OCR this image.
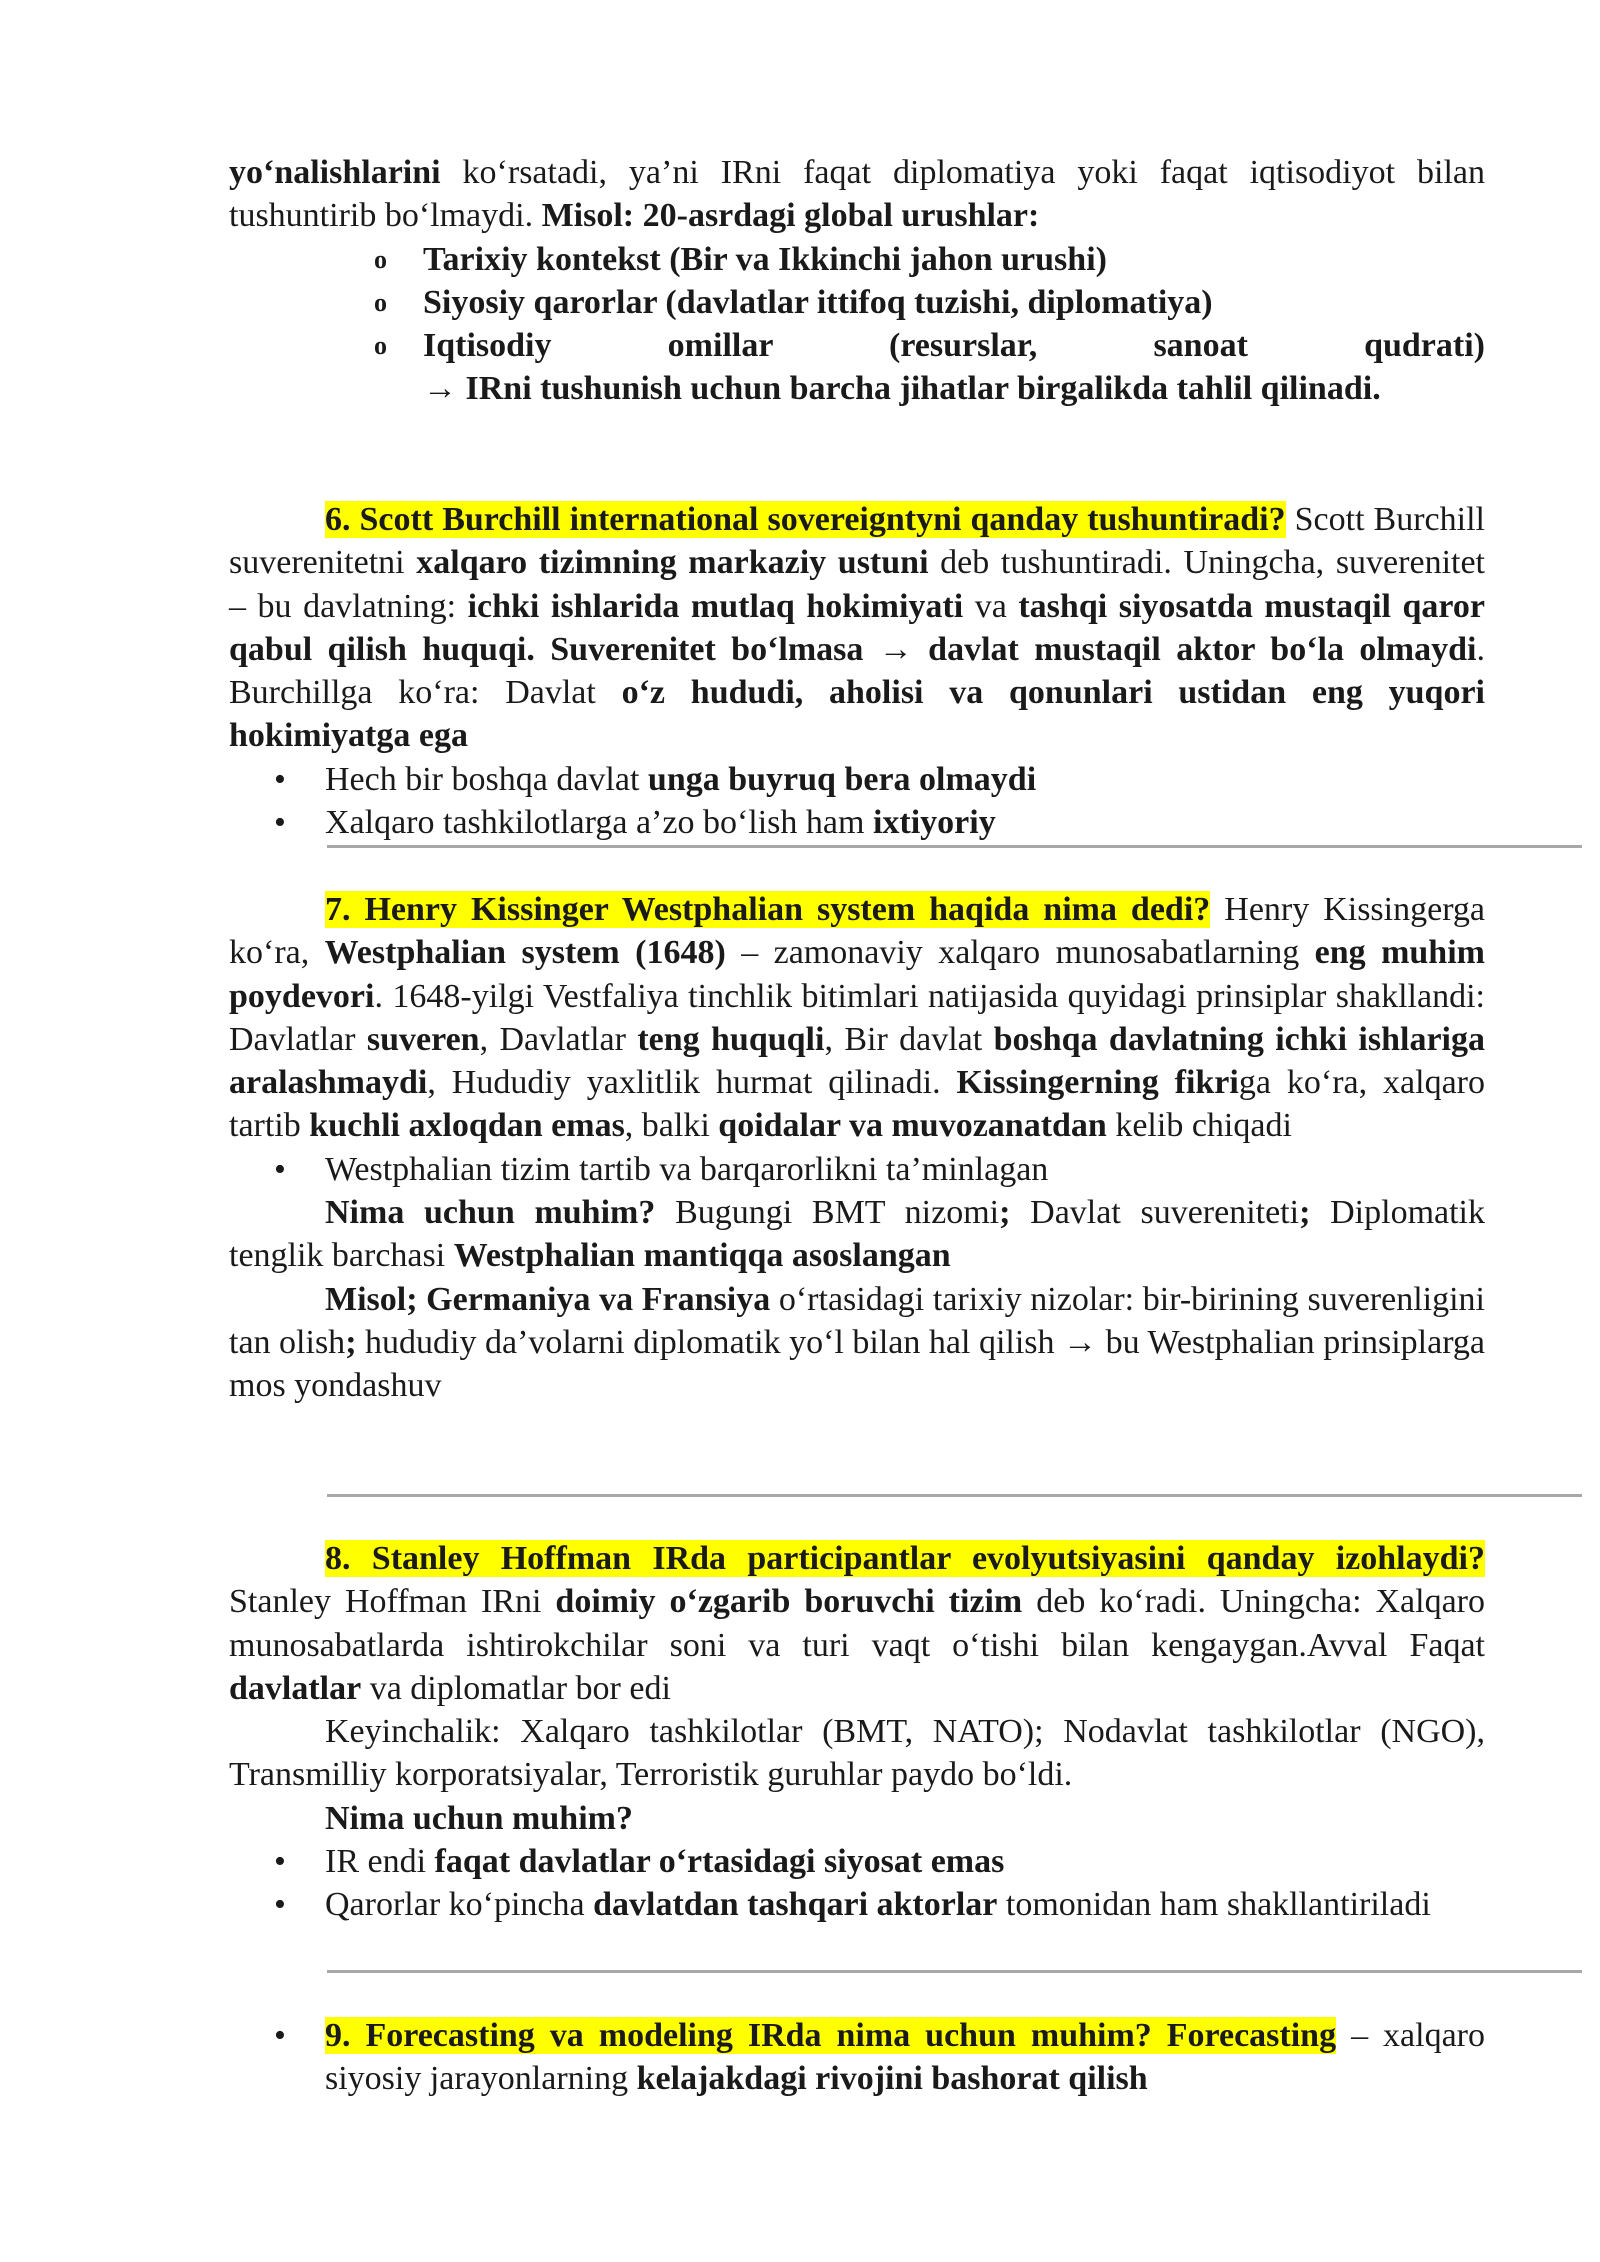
yo‘nalishlarini ko‘rsatadi, ya’ni IRni faqat diplomatiya yoki faqat iqtisodiyot bilan tushuntirib bo‘lmaydi. Misol: 20-asrdagi global urushlar:

o Tarixiy kontekst (Bir va Ikkinchi jahon urushi)
o Siyosiy qarorlar (davlatlar ittifoq tuzishi, diplomatiya)
o Iqtisodiy omillar (resurslar, sanoat qudrati)
→ IRni tushunish uchun barcha jihatlar birgalikda tahlil qilinadi.

6. Scott Burchill international sovereigntyni qanday tushuntiradi? Scott Burchill suverenitetni xalqaro tizimning markaziy ustuni deb tushuntiradi. Uningcha, suverenitet – bu davlatning: ichki ishlarida mutlaq hokimiyati va tashqi siyosatda mustaqil qaror qabul qilish huquqi. Suverenitet bo‘lmasa → davlat mustaqil aktor bo‘la olmaydi. Burchillga ko‘ra: Davlat o‘z hududi, aholisi va qonunlari ustidan eng yuqori hokimiyatga ega

• Hech bir boshqa davlat unga buyruq bera olmaydi
• Xalqaro tashkilotlarga a’zo bo‘lish ham ixtiyoriy

7. Henry Kissinger Westphalian system haqida nima dedi? Henry Kissingerga ko‘ra, Westphalian system (1648) – zamonaviy xalqaro munosabatlarning eng muhim poydevori. 1648-yilgi Vestfaliya tinchlik bitimlari natijasida quyidagi prinsiplar shakllandi: Davlatlar suveren, Davlatlar teng huquqli, Bir davlat boshqa davlatning ichki ishlariga aralashmaydi, Hududiy yaxlitlik hurmat qilinadi. Kissingerning fikriga ko‘ra, xalqaro tartib kuchli axloqdan emas, balki qoidalar va muvozanatdan kelib chiqadi

• Westphalian tizim tartib va barqarorlikni ta’minlagan

Nima uchun muhim? Bugungi BMT nizomi; Davlat suvereniteti; Diplomatik tenglik barchasi Westphalian mantiqqa asoslangan

Misol; Germaniya va Fransiya o‘rtasidagi tarixiy nizolar: bir-birining suverenligini tan olish; hududiy da’volarni diplomatik yo‘l bilan hal qilish → bu Westphalian prinsiplarga mos yondashuv

8. Stanley Hoffman IRda participantlar evolyutsiyasini qanday izohlaydi? Stanley Hoffman IRni doimiy o‘zgarib boruvchi tizim deb ko‘radi. Uningcha: Xalqaro munosabatlarda ishtirokchilar soni va turi vaqt o‘tishi bilan kengaygan.Avval Faqat davlatlar va diplomatlar bor edi

Keyinchalik: Xalqaro tashkilotlar (BMT, NATO); Nodavlat tashkilotlar (NGO), Transmilliy korporatsiyalar, Terroristik guruhlar paydo bo‘ldi.

Nima uchun muhim?

• IR endi faqat davlatlar o‘rtasidagi siyosat emas
• Qarorlar ko‘pincha davlatdan tashqari aktorlar tomonidan ham shakllantiriladi
• 9. Forecasting va modeling IRda nima uchun muhim? Forecasting – xalqaro siyosiy jarayonlarning kelajakdagi rivojini bashorat qilish
